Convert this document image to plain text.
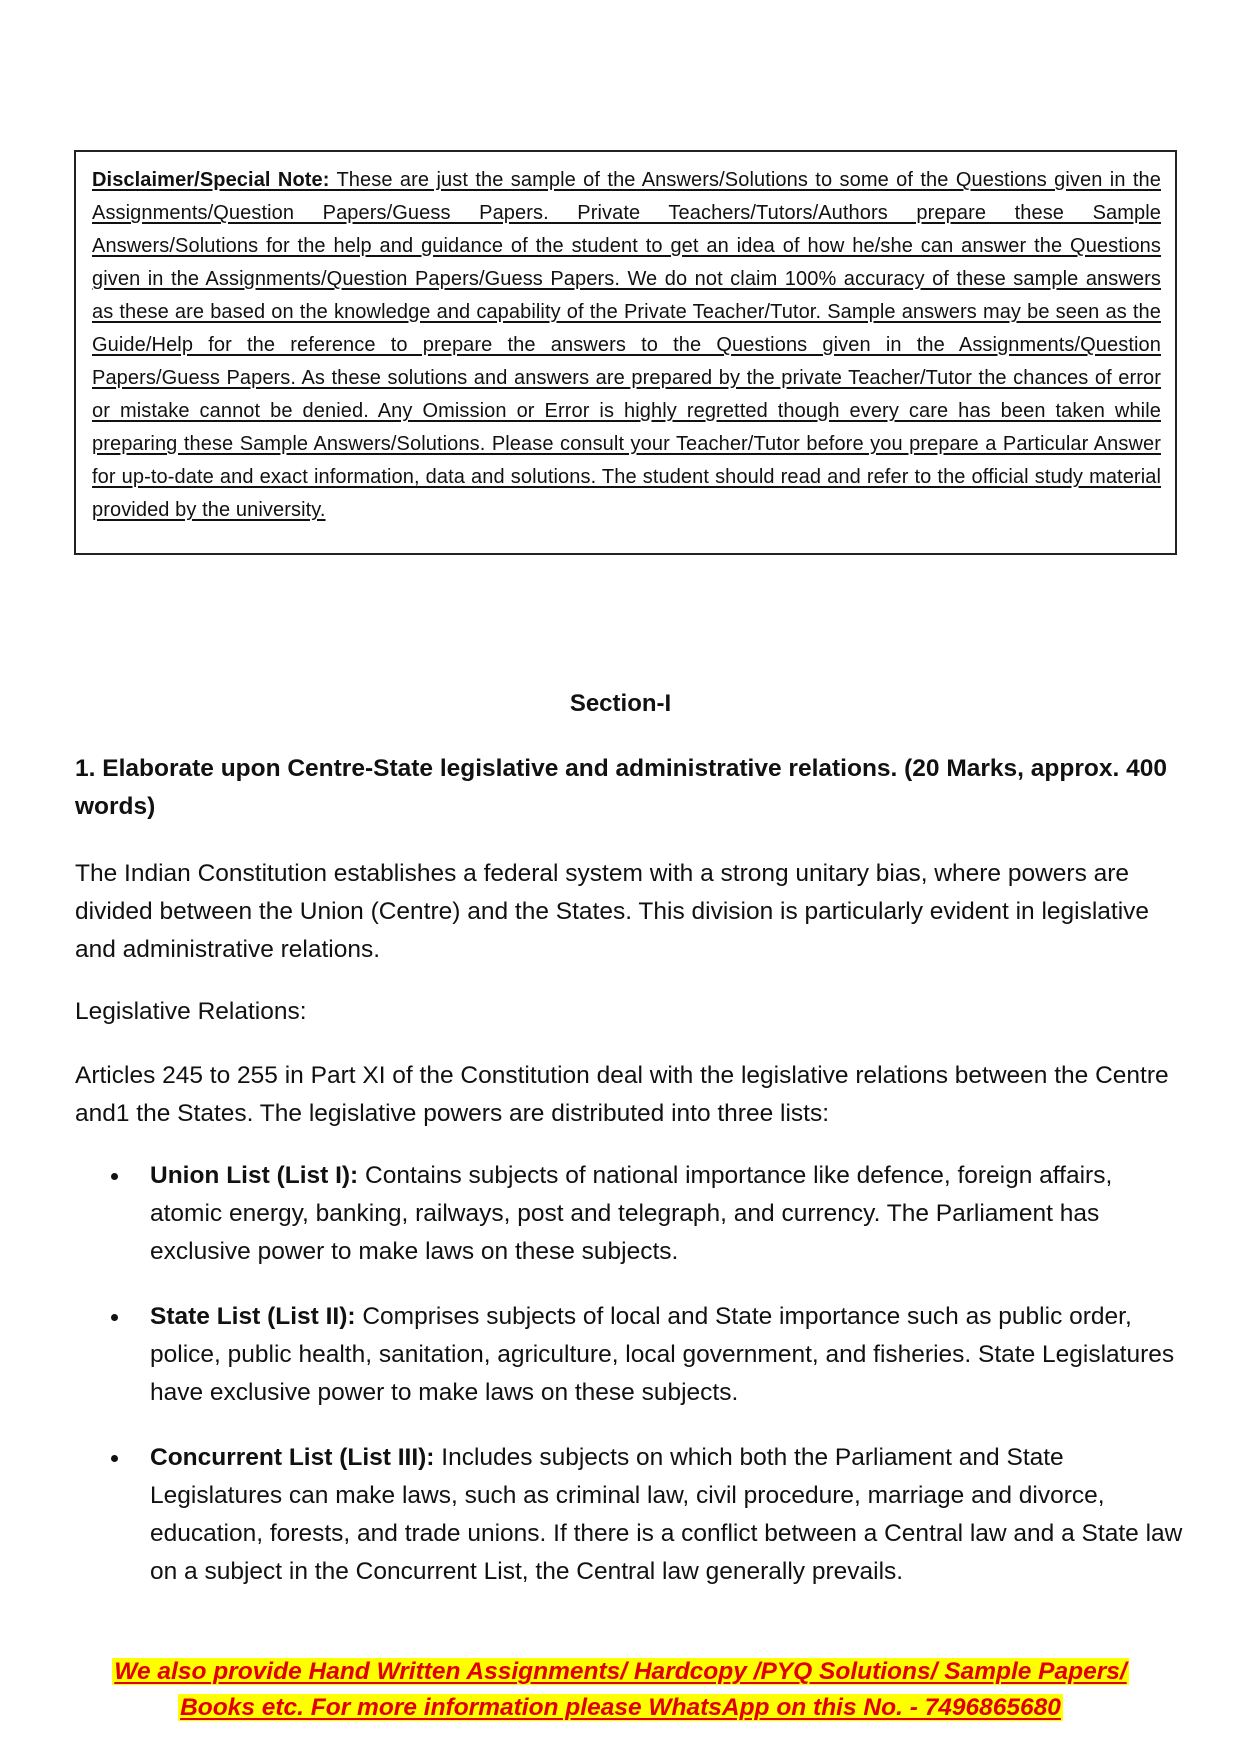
Disclaimer/Special Note: These are just the sample of the Answers/Solutions to some of the Questions given in the Assignments/Question Papers/Guess Papers. Private Teachers/Tutors/Authors prepare these Sample Answers/Solutions for the help and guidance of the student to get an idea of how he/she can answer the Questions given in the Assignments/Question Papers/Guess Papers. We do not claim 100% accuracy of these sample answers as these are based on the knowledge and capability of the Private Teacher/Tutor. Sample answers may be seen as the Guide/Help for the reference to prepare the answers to the Questions given in the Assignments/Question Papers/Guess Papers. As these solutions and answers are prepared by the private Teacher/Tutor the chances of error or mistake cannot be denied. Any Omission or Error is highly regretted though every care has been taken while preparing these Sample Answers/Solutions. Please consult your Teacher/Tutor before you prepare a Particular Answer for up-to-date and exact information, data and solutions. The student should read and refer to the official study material provided by the university.
Section-I
1. Elaborate upon Centre-State legislative and administrative relations. (20 Marks, approx. 400 words)
The Indian Constitution establishes a federal system with a strong unitary bias, where powers are divided between the Union (Centre) and the States. This division is particularly evident in legislative and administrative relations.
Legislative Relations:
Articles 245 to 255 in Part XI of the Constitution deal with the legislative relations between the Centre and1 the States. The legislative powers are distributed into three lists:
Union List (List I): Contains subjects of national importance like defence, foreign affairs, atomic energy, banking, railways, post and telegraph, and currency. The Parliament has exclusive power to make laws on these subjects.
State List (List II): Comprises subjects of local and State importance such as public order, police, public health, sanitation, agriculture, local government, and fisheries. State Legislatures have exclusive power to make laws on these subjects.
Concurrent List (List III): Includes subjects on which both the Parliament and State Legislatures can make laws, such as criminal law, civil procedure, marriage and divorce, education, forests, and trade unions. If there is a conflict between a Central law and a State law on a subject in the Concurrent List, the Central law generally prevails.
We also provide Hand Written Assignments/ Hardcopy /PYQ Solutions/ Sample Papers/
Books etc. For more information please WhatsApp on this No. - 7496865680
